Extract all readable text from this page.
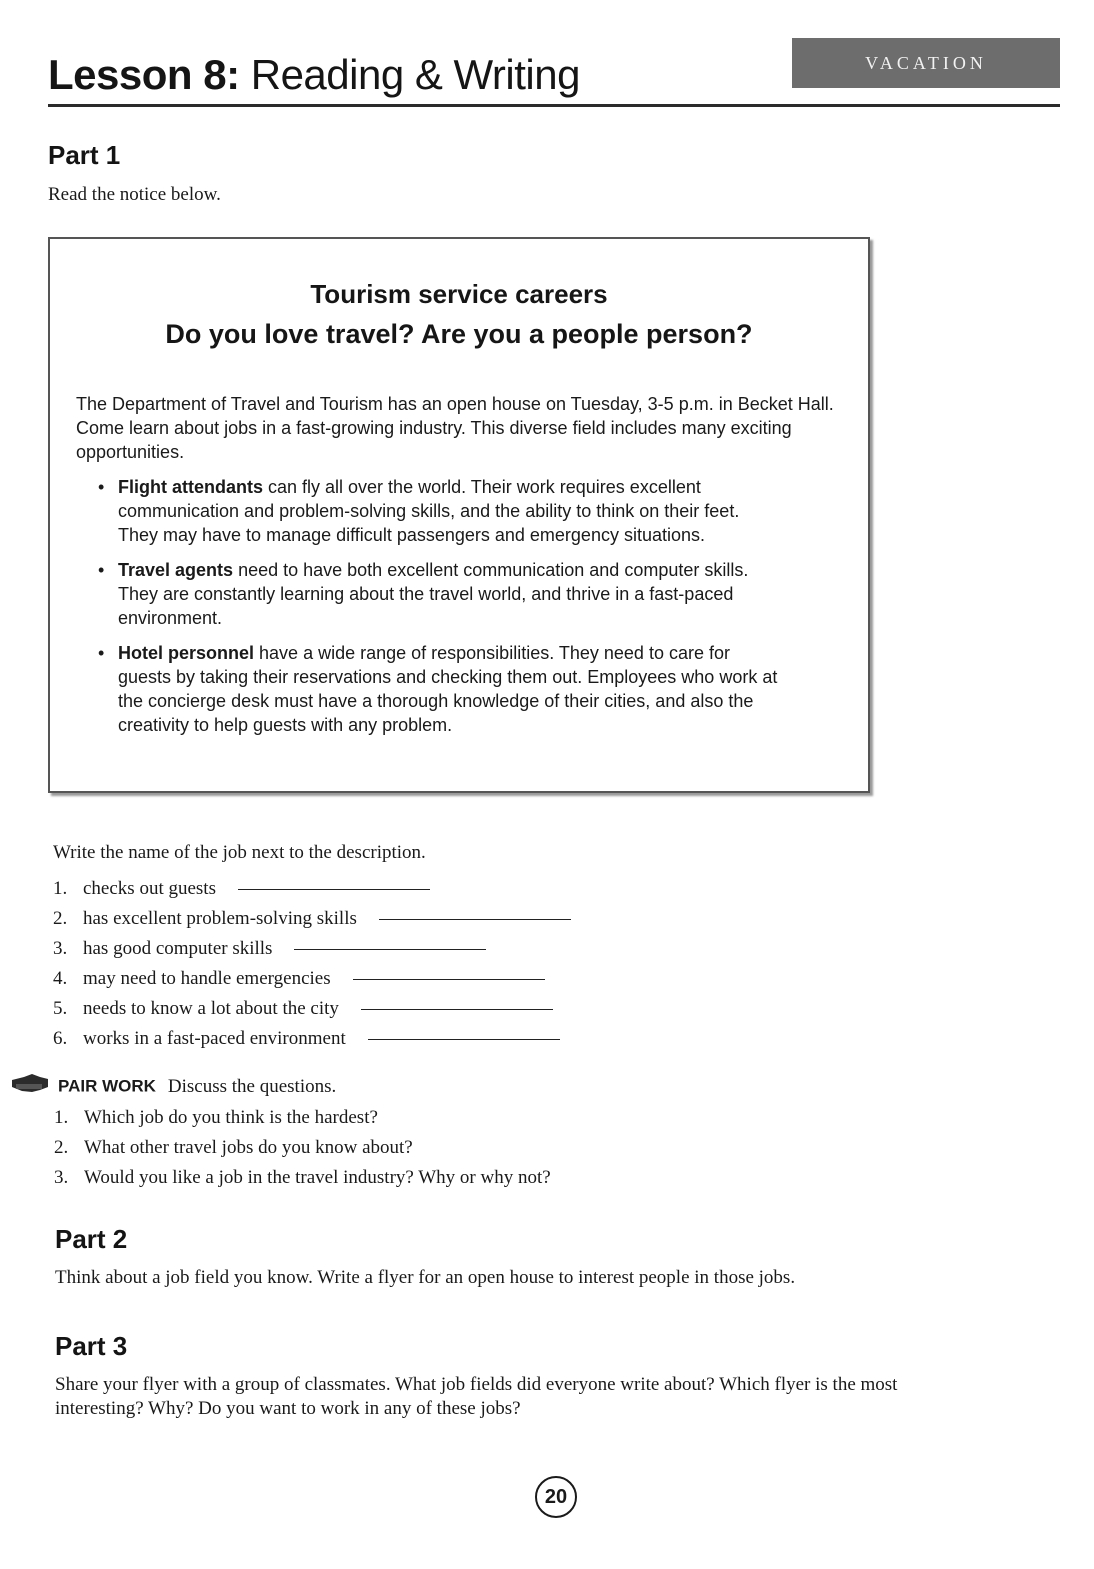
Lesson 8: Reading & Writing	VACATION
Part 1

Read the notice below.

Tourism service careers
Do you love travel? Are you a people person?
The Department of Travel and Tourism has an open house on Tuesday, 3-5 p.m. in Becket Hall. Come learn about jobs in a fast-growing industry. This diverse field includes many exciting opportunities.
• Flight attendants can fly all over the world. Their work requires excellent communication and problem-solving skills, and the ability to think on their feet. They may have to manage difficult passengers and emergency situations.
• Travel agents need to have both excellent communication and computer skills. They are constantly learning about the travel world, and thrive in a fast-paced environment.
• Hotel personnel have a wide range of responsibilities. They need to care for guests by taking their reservations and checking them out. Employees who work at the concierge desk must have a thorough knowledge of their cities, and also the creativity to help guests with any problem.

Write the name of the job next to the description.

1. checks out guests
2. has excellent problem-solving skills
3. has good computer skills
4. may need to handle emergencies
5. needs to know a lot about the city
6. works in a fast-paced environment
PAIR WORK Discuss the questions.
1. Which job do you think is the hardest?
2. What other travel jobs do you know about?
3. Would you like a job in the travel industry? Why or why not?
Part 2

Think about a job field you know. Write a flyer for an open house to interest people in those jobs.

Part 3

Share your flyer with a group of classmates. What job fields did everyone write about? Which flyer is the most interesting? Why? Do you want to work in any of these jobs?

20
